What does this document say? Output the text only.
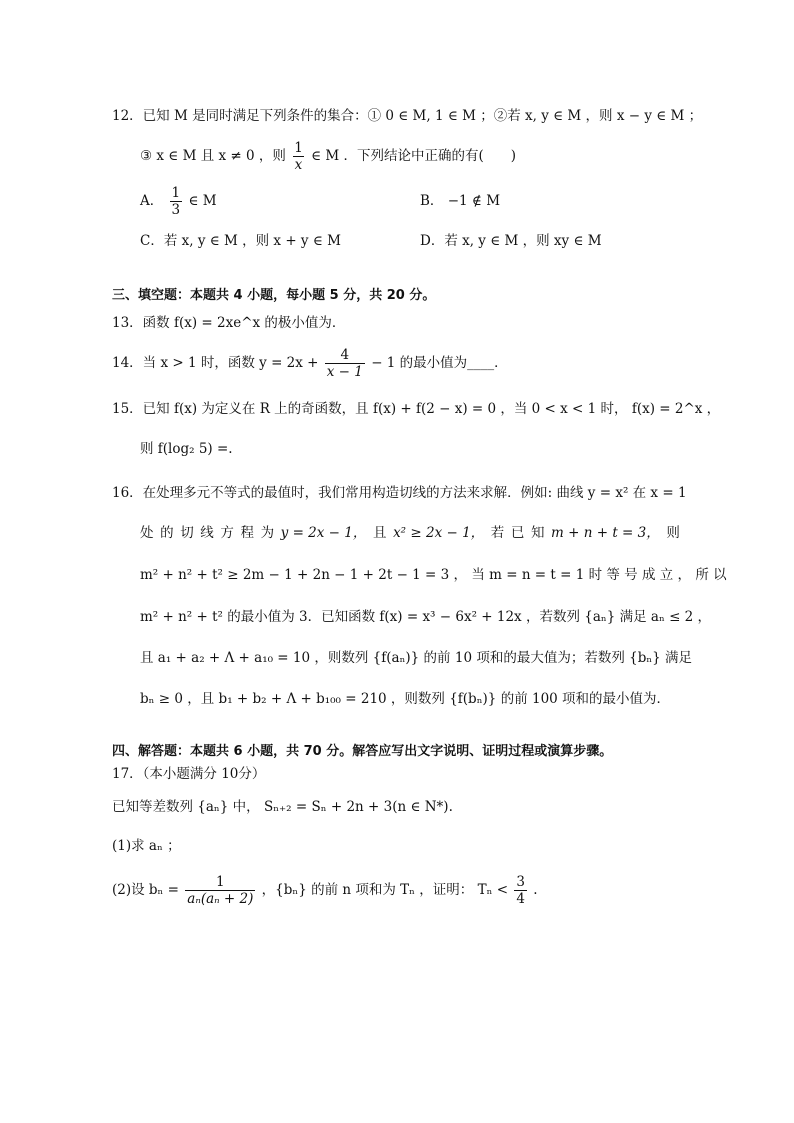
12．已知 M 是同时满足下列条件的集合：① 0 ∈ M, 1 ∈ M ；②若 x, y ∈ M ，则 x − y ∈ M ；
③ x ∈ M 且 x ≠ 0 ，则 $\frac{1}{x}$ ∈ M ．下列结论中正确的有(　　)
A． $\frac{1}{3}$ ∈ M	B． −1 ∉ M
C．若 x, y ∈ M ，则 x + y ∈ M	D．若 x, y ∈ M ，则 xy ∈ M
三、填空题：本题共 4 小题，每小题 5 分，共 20 分。
13．函数 f(x) = 2xe^x 的极小值为．
14．当 x > 1 时，函数 $y = 2x + \frac{4}{x - 1} - 1$ 的最小值为____．
15．已知 f(x) 为定义在 R 上的奇函数，且 f(x) + f(2 − x) = 0 ，当 0 < x < 1 时， f(x) = 2^x ，
则 f(log₂ 5) =.
16．在处理多元不等式的最值时，我们常用构造切线的方法来求解．例如: 曲线 y = x² 在 x = 1
处 的 切 线 方 程 为 y = 2x − 1， 且 x² ≥ 2x − 1， 若 已 知 m + n + t = 3， 则
m² + n² + t² ≥ 2m − 1 + 2n − 1 + 2t − 1 = 3 ， 当 m = n = t = 1 时 等 号 成 立 ， 所 以
m² + n² + t² 的最小值为 3．已知函数 f(x) = x³ − 6x² + 12x ，若数列 {aₙ} 满足 aₙ ≤ 2 ，
且 a₁ + a₂ + Λ + a₁₀ = 10 ，则数列 {f(aₙ)} 的前 10 项和的最大值为；若数列 {bₙ} 满足
bₙ ≥ 0 ，且 b₁ + b₂ + Λ + b₁₀₀ = 210 ，则数列 {f(bₙ)} 的前 100 项和的最小值为．
四、解答题：本题共 6 小题，共 70 分。解答应写出文字说明、证明过程或演算步骤。
17．（本小题满分 10分）
已知等差数列 {aₙ} 中， Sₙ₊₂ = Sₙ + 2n + 3(n ∈ N*).
(1)求 aₙ ；
(2)设 $b_n = \frac{1}{\text{aₙ(aₙ + 2)}}$ ，{bₙ} 的前 n 项和为 Tₙ ，证明： $T_n < \frac{3}{4}$ .
